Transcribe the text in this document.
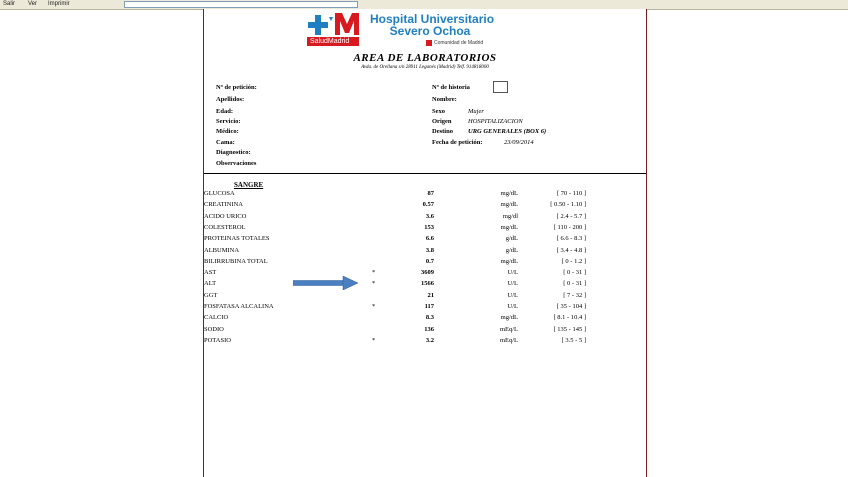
Salir Ver Imprimir
SaludMadrid
Hospital Universitario
Severo Ochoa
Comunidad de Madrid
AREA DE LABORATORIOS
Avda. de Orellana s/n 28911 Leganés (Madrid) Telf. 914818000
Nº de petición:
Apellidos:
Edad:
Servicio:
Médico:
Cama:
Diagnostico:
Observaciones
Nº de historia
Nombre:
Sexo	Mujer
Origen	HOSPITALIZACION
Destino URG GENERALES (BOX 6)
Fecha de petición:	23/09/2014
SANGRE
GLUCOSA	87	mg/dL	[ 70 - 110 ]
CREATININA	0.57	mg/dL	[ 0.50 - 1.10 ]
ACIDO URICO	3.6	mg/dl	[ 2.4 - 5.7 ]
COLESTEROL	153	mg/dL	[ 110 - 200 ]
PROTEINAS TOTALES	6.6	g/dL	[ 6.6 - 8.3 ]
ALBUMINA	3.8	g/dL	[ 3.4 - 4.8 ]
BILIRRUBINA TOTAL	0.7	mg/dL	[ 0 - 1.2 ]
AST	*	3609	U/L	[ 0 - 31 ]
ALT	*	1566	U/L	[ 0 - 31 ]
GGT	21	U/L	[ 7 - 32 ]
FOSFATASA ALCALINA	*	117	U/L	[ 35 - 104 ]
CALCIO	8.3	mg/dL	[ 8.1 - 10.4 ]
SODIO	136	mEq/L	[ 135 - 145 ]
POTASIO	*	3.2	mEq/L	[ 3.5 - 5 ]
